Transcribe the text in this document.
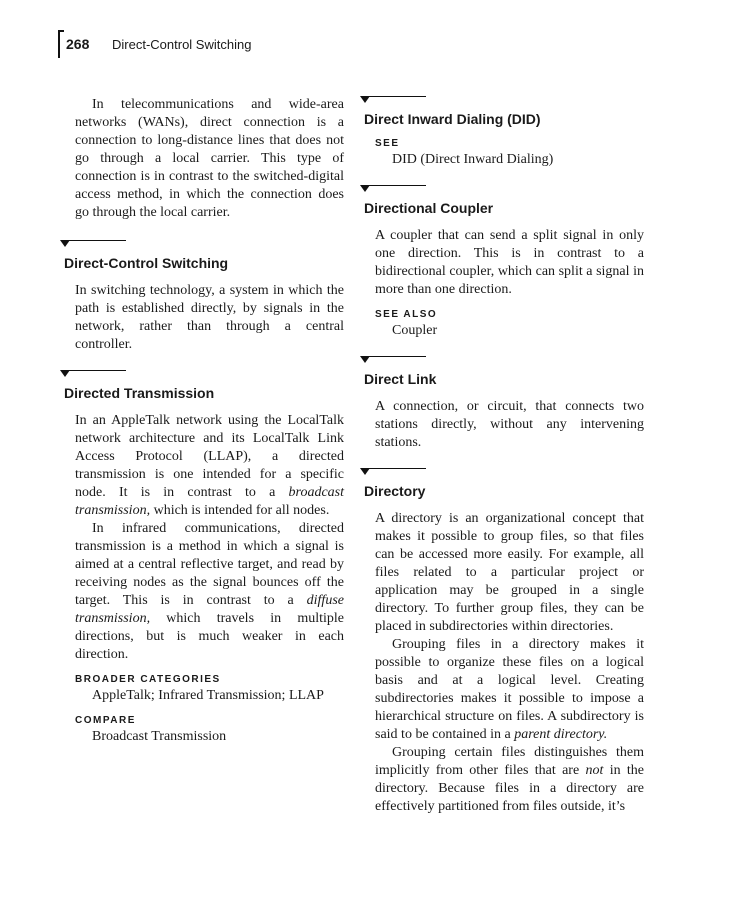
268 Direct-Control Switching

In telecommunications and wide-area networks (WANs), direct connection is a connection to long-distance lines that does not go through a local carrier. This type of connection is in contrast to the switched-digital access method, in which the connection does go through the local carrier.

Direct-Control Switching

In switching technology, a system in which the path is established directly, by signals in the network, rather than through a central controller.

Directed Transmission

In an AppleTalk network using the LocalTalk network architecture and its LocalTalk Link Access Protocol (LLAP), a directed transmission is one intended for a specific node. It is in contrast to a broadcast transmission, which is intended for all nodes.

In infrared communications, directed transmission is a method in which a signal is aimed at a central reflective target, and read by receiving nodes as the signal bounces off the target. This is in contrast to a diffuse transmission, which travels in multiple directions, but is much weaker in each direction.

BROADER CATEGORIES
AppleTalk; Infrared Transmission; LLAP
COMPARE
Broadcast Transmission
Direct Inward Dialing (DID)
SEE
DID (Direct Inward Dialing)
Directional Coupler

A coupler that can send a split signal in only one direction. This is in contrast to a bidirectional coupler, which can split a signal in more than one direction.

SEE ALSO
Coupler
Direct Link

A connection, or circuit, that connects two stations directly, without any intervening stations.

Directory

A directory is an organizational concept that makes it possible to group files, so that files can be accessed more easily. For example, all files related to a particular project or application may be grouped in a single directory. To further group files, they can be placed in subdirectories within directories.

Grouping files in a directory makes it possible to organize these files on a logical basis and at a logical level. Creating subdirectories makes it possible to impose a hierarchical structure on files. A subdirectory is said to be contained in a parent directory.

Grouping certain files distinguishes them implicitly from other files that are not in the directory. Because files in a directory are effectively partitioned from files outside, it’s
